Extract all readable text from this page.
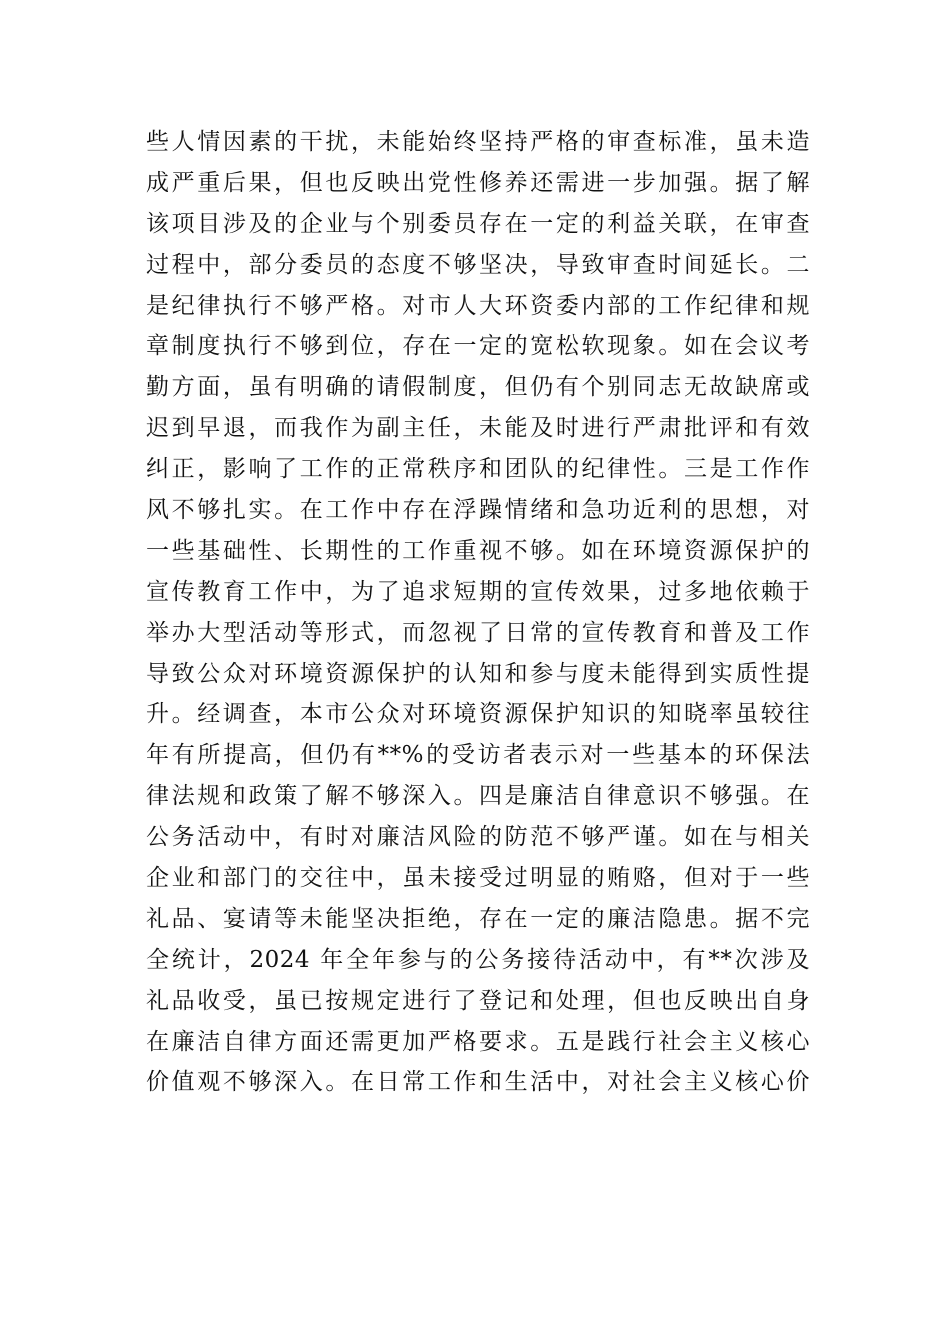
些人情因素的干扰，未能始终坚持严格的审查标准，虽未造
成严重后果，但也反映出党性修养还需进一步加强。据了解
该项目涉及的企业与个别委员存在一定的利益关联，在审查
过程中，部分委员的态度不够坚决，导致审查时间延长。二
是纪律执行不够严格。对市人大环资委内部的工作纪律和规
章制度执行不够到位，存在一定的宽松软现象。如在会议考
勤方面，虽有明确的请假制度，但仍有个别同志无故缺席或
迟到早退，而我作为副主任，未能及时进行严肃批评和有效
纠正，影响了工作的正常秩序和团队的纪律性。三是工作作
风不够扎实。在工作中存在浮躁情绪和急功近利的思想，对
一些基础性、长期性的工作重视不够。如在环境资源保护的
宣传教育工作中，为了追求短期的宣传效果，过多地依赖于
举办大型活动等形式，而忽视了日常的宣传教育和普及工作
导致公众对环境资源保护的认知和参与度未能得到实质性提
升。经调查，本市公众对环境资源保护知识的知晓率虽较往
年有所提高，但仍有**%的受访者表示对一些基本的环保法
律法规和政策了解不够深入。四是廉洁自律意识不够强。在
公务活动中，有时对廉洁风险的防范不够严谨。如在与相关
企业和部门的交往中，虽未接受过明显的贿赂，但对于一些
礼品、宴请等未能坚决拒绝，存在一定的廉洁隐患。据不完
全统计，2024 年全年参与的公务接待活动中，有**次涉及
礼品收受，虽已按规定进行了登记和处理，但也反映出自身
在廉洁自律方面还需更加严格要求。五是践行社会主义核心
价值观不够深入。在日常工作和生活中，对社会主义核心价
